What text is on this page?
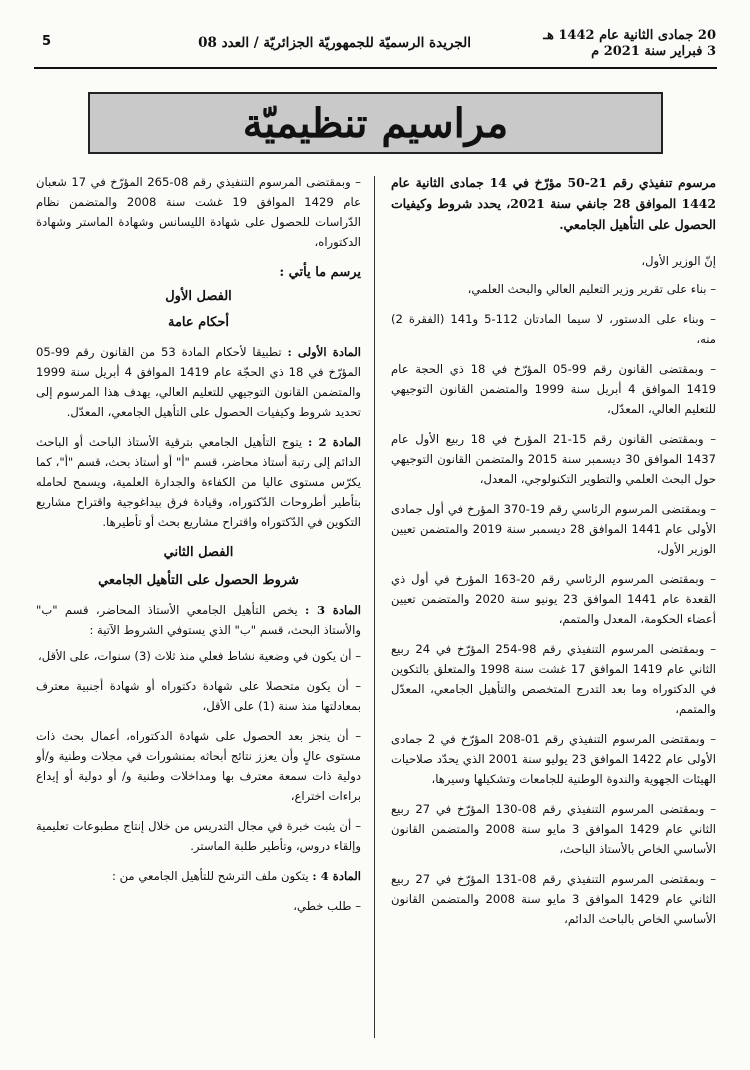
20 جمادى الثانية عام 1442 هـ
3 فبراير سنة 2021 م
الجريدة الرسميّة للجمهوريّة الجزائريّة / العدد 08
5
مراسيم تنظيميّة

مرسوم تنفيذي رقم 21-50 مؤرّخ في 14 جمادى الثانية عام 1442 الموافق 28 جانفي سنة 2021، يحدد شروط وكيفيات الحصول على التأهيل الجامعي.

إنّ الوزير الأول،

– بناء على تقرير وزير التعليم العالي والبحث العلمي،

– وبناء على الدستور، لا سيما المادتان 112-5 و141 (الفقرة 2) منه،

– وبمقتضى القانون رقم 99-05 المؤرّخ في 18 ذي الحجة عام 1419 الموافق 4 أبريل سنة 1999 والمتضمن القانون التوجيهي للتعليم العالي، المعدّل،

– وبمقتضى القانون رقم 15-21 المؤرخ في 18 ربيع الأول عام 1437 الموافق 30 ديسمبر سنة 2015 والمتضمن القانون التوجيهي حول البحث العلمي والتطوير التكنولوجي، المعدل،

– وبمقتضى المرسوم الرئاسي رقم 19-370 المؤرخ في أول جمادى الأولى عام 1441 الموافق 28 ديسمبر سنة 2019 والمتضمن تعيين الوزير الأول،

– وبمقتضى المرسوم الرئاسي رقم 20-163 المؤرخ في أول ذي القعدة عام 1441 الموافق 23 يونيو سنة 2020 والمتضمن تعيين أعضاء الحكومة، المعدل والمتمم،

– وبمقتضى المرسوم التنفيذي رقم 98-254 المؤرّخ في 24 ربيع الثاني عام 1419 الموافق 17 غشت سنة 1998 والمتعلق بالتكوين في الدكتوراه وما بعد التدرج المتخصص والتأهيل الجامعي، المعدّل والمتمم،

– وبمقتضى المرسوم التنفيذي رقم 01-208 المؤرّخ في 2 جمادى الأولى عام 1422 الموافق 23 يوليو سنة 2001 الذي يحدّد صلاحيات الهيئات الجهوية والندوة الوطنية للجامعات وتشكيلها وسيرها،

– وبمقتضى المرسوم التنفيذي رقم 08-130 المؤرّخ في 27 ربيع الثاني عام 1429 الموافق 3 مايو سنة 2008 والمتضمن القانون الأساسي الخاص بالأستاذ الباحث،

– وبمقتضى المرسوم التنفيذي رقم 08-131 المؤرّخ في 27 ربيع الثاني عام 1429 الموافق 3 مايو سنة 2008 والمتضمن القانون الأساسي الخاص بالباحث الدائم،

– وبمقتضى المرسوم التنفيذي رقم 08-265 المؤرّخ في 17 شعبان عام 1429 الموافق 19 غشت سنة 2008 والمتضمن نظام الدّراسات للحصول على شهادة الليسانس وشهادة الماستر وشهادة الدكتوراه،

يرسم ما يأتي :
الفصل الأول
أحكام عامة

المادة الأولى : تطبيقا لأحكام المادة 53 من القانون رقم 99-05 المؤرّخ في 18 ذي الحجّة عام 1419 الموافق 4 أبريل سنة 1999 والمتضمن القانون التوجيهي للتعليم العالي، يهدف هذا المرسوم إلى تحديد شروط وكيفيات الحصول على التأهيل الجامعي، المعدّل.

المادة 2 : يتوج التأهيل الجامعي بترقية الأستاذ الباحث أو الباحث الدائم إلى رتبة أستاذ محاضر، قسم "أ" أو أستاذ بحث، قسم "أ"، كما يكرّس مستوى عاليا من الكفاءة والجدارة العلمية، ويسمح لحامله بتأطير أطروحات الدّكتوراه، وقيادة فرق بيداغوجية واقتراح مشاريع التكوين في الدّكتوراه واقتراح مشاريع بحث أو تأطيرها.

الفصل الثاني
شروط الحصول على التأهيل الجامعي

المادة 3 : يخص التأهيل الجامعي الأستاذ المحاضر، قسم "ب" والأستاذ البحث، قسم "ب" الذي يستوفي الشروط الآتية :

– أن يكون في وضعية نشاط فعلي منذ ثلاث (3) سنوات، على الأقل،

– أن يكون متحصلا على شهادة دكتوراه أو شهادة أجنبية معترف بمعادلتها منذ سنة (1) على الأقل،

– أن ينجز بعد الحصول على شهادة الدكتوراه، أعمال بحث ذات مستوى عالٍ وأن يعزز نتائج أبحاثه بمنشورات في مجلات وطنية و/أو دولية ذات سمعة معترف بها ومداخلات وطنية و/ أو دولية أو إيداع براءات اختراع،

– أن يثبت خبرة في مجال التدريس من خلال إنتاج مطبوعات تعليمية وإلقاء دروس، وتأطير طلبة الماستر.

المادة 4 : يتكون ملف الترشح للتأهيل الجامعي من :

– طلب خطي،
